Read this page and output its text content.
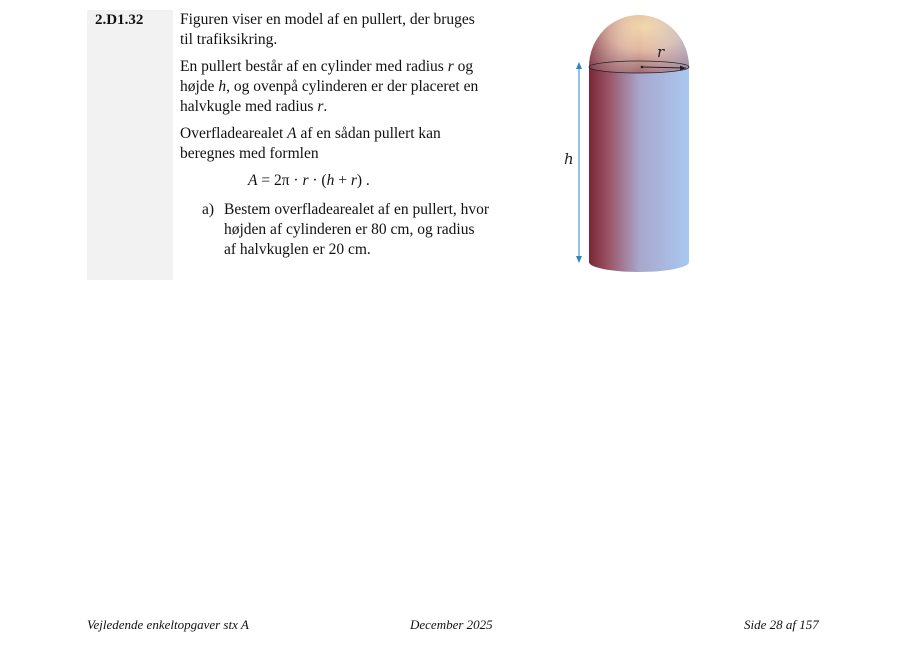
2.D1.32 Figuren viser en model af en pullert, der bruges til trafiksikring.

En pullert består af en cylinder med radius r og højde h, og ovenpå cylinderen er der placeret en halvkugle med radius r.

Overfladearealet A af en sådan pullert kan beregnes med formlen

A = 2π · r · (h + r) .
a) Bestem overfladearealet af en pullert, hvor højden af cylinderen er 80 cm, og radius af halvkuglen er 20 cm.
r
h
Vejledende enkeltopgaver stx A	December 2025	Side 28 af 157
